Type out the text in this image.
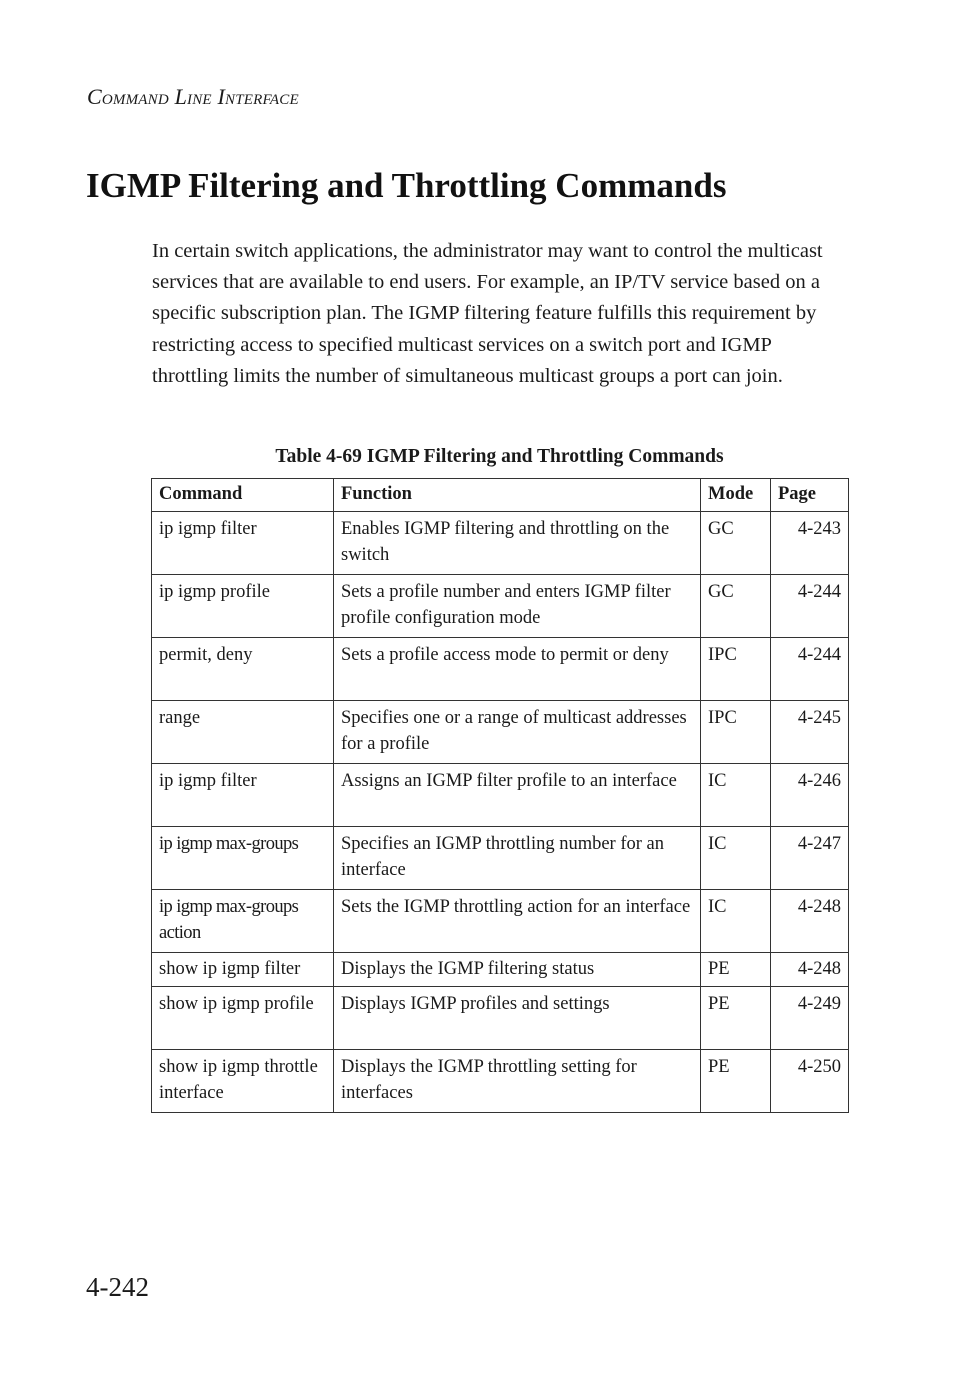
Command Line Interface
IGMP Filtering and Throttling Commands

In certain switch applications, the administrator may want to control the multicast services that are available to end users. For example, an IP/TV service based on a specific subscription plan. The IGMP filtering feature fulfills this requirement by restricting access to specified multicast services on a switch port and IGMP throttling limits the number of simultaneous multicast groups a port can join.

Table 4-69 IGMP Filtering and Throttling Commands
Command	Function	Mode	Page
ip igmp filter	Enables IGMP filtering and throttling on the switch	GC	4-243
ip igmp profile	Sets a profile number and enters IGMP filter profile configuration mode	GC	4-244
permit, deny	Sets a profile access mode to permit or deny	IPC	4-244
range	Specifies one or a range of multicast addresses for a profile	IPC	4-245
ip igmp filter	Assigns an IGMP filter profile to an interface	IC	4-246
ip igmp max-groups	Specifies an IGMP throttling number for an interface	IC	4-247
ip igmp max-groups action	Sets the IGMP throttling action for an interface	IC	4-248
show ip igmp filter	Displays the IGMP filtering status	PE	4-248
show ip igmp profile	Displays IGMP profiles and settings	PE	4-249
show ip igmp throttle interface	Displays the IGMP throttling setting for interfaces	PE	4-250
4-242
